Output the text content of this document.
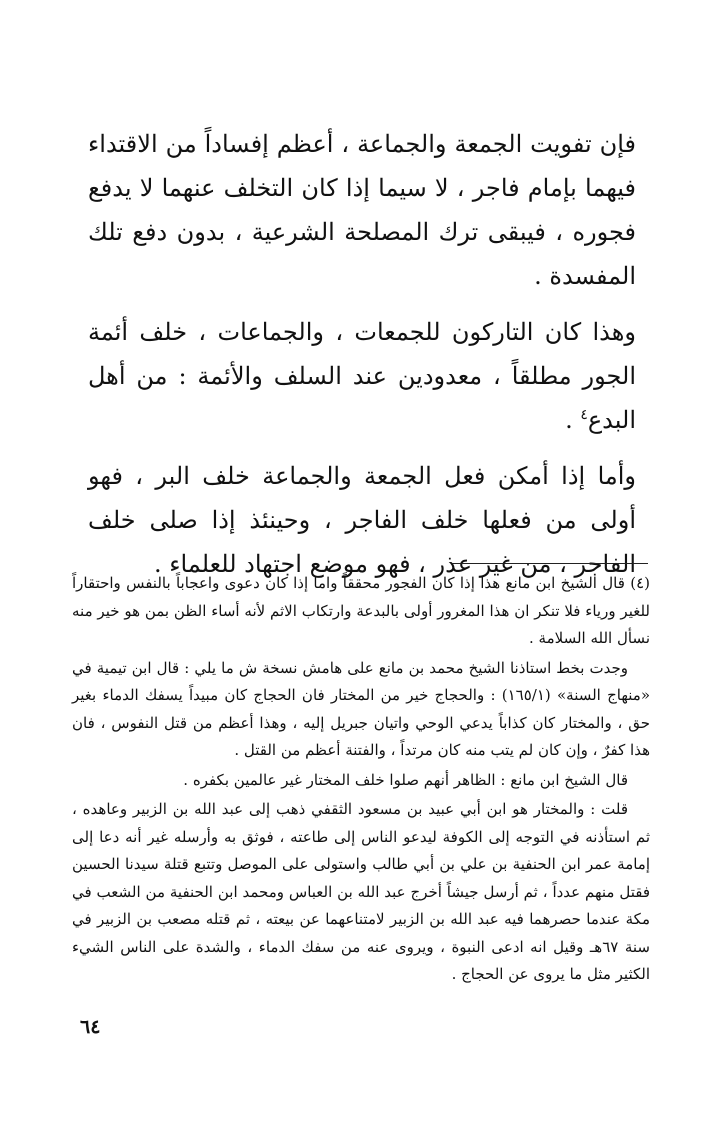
فإن تفويت الجمعة والجماعة ، أعظم إفساداً من الاقتداء فيهما بإمام فاجر ، لا سيما إذا كان التخلف عنهما لا يدفع فجوره ، فيبقى ترك المصلحة الشرعية ، بدون دفع تلك المفسدة .

وهذا كان التاركون للجمعات ، والجماعات ، خلف أئمة الجور مطلقاً ، معدودين عند السلف والأئمة : من أهل البدع$^٤$ .

وأما إذا أمكن فعل الجمعة والجماعة خلف البر ، فهو أولى من فعلها خلف الفاجر ، وحينئذ إذا صلى خلف الفاجر ، من غير عذر ، فهو موضع اجتهاد للعلماء .

(٤) قال الشيخ ابن مانع هذا إذا كان الفجور محققاً واما إذا كان دعوى واعجاباً بالنفس واحتقاراً للغير ورياء فلا تنكر ان هذا المغرور أولى بالبدعة وارتكاب الاثم لأنه أساء الظن بمن هو خير منه نسأل الله السلامة .

وجدت بخط استاذنا الشيخ محمد بن مانع على هامش نسخة ش ما يلي : قال ابن تيمية في «منهاج السنة» (١٦٥/١) : والحجاج خير من المختار فان الحجاج كان مبيداً يسفك الدماء بغير حق ، والمختار كان كذاباً يدعي الوحي واتيان جبريل إليه ، وهذا أعظم من قتل النفوس ، فان هذا كفرٌ ، وإن كان لم يتب منه كان مرتداً ، والفتنة أعظم من القتل .

قال الشيخ ابن مانع : الظاهر أنهم صلوا خلف المختار غير عالمين بكفره .

قلت : والمختار هو ابن أبي عبيد بن مسعود الثقفي ذهب إلى عبد الله بن الزبير وعاهده ، ثم استأذنه في التوجه إلى الكوفة ليدعو الناس إلى طاعته ، فوثق به وأرسله غير أنه دعا إلى إمامة عمر ابن الحنفية بن علي بن أبي طالب واستولى على الموصل وتتبع قتلة سيدنا الحسين فقتل منهم عدداً ، ثم أرسل جيشاً أخرج عبد الله بن العباس ومحمد ابن الحنفية من الشعب في مكة عندما حصرهما فيه عبد الله بن الزبير لامتناعهما عن بيعته ، ثم قتله مصعب بن الزبير في سنة ٦٧هـ وقيل انه ادعى النبوة ، ويروى عنه من سفك الدماء ، والشدة على الناس الشيء الكثير مثل ما يروى عن الحجاج .

٦٤
